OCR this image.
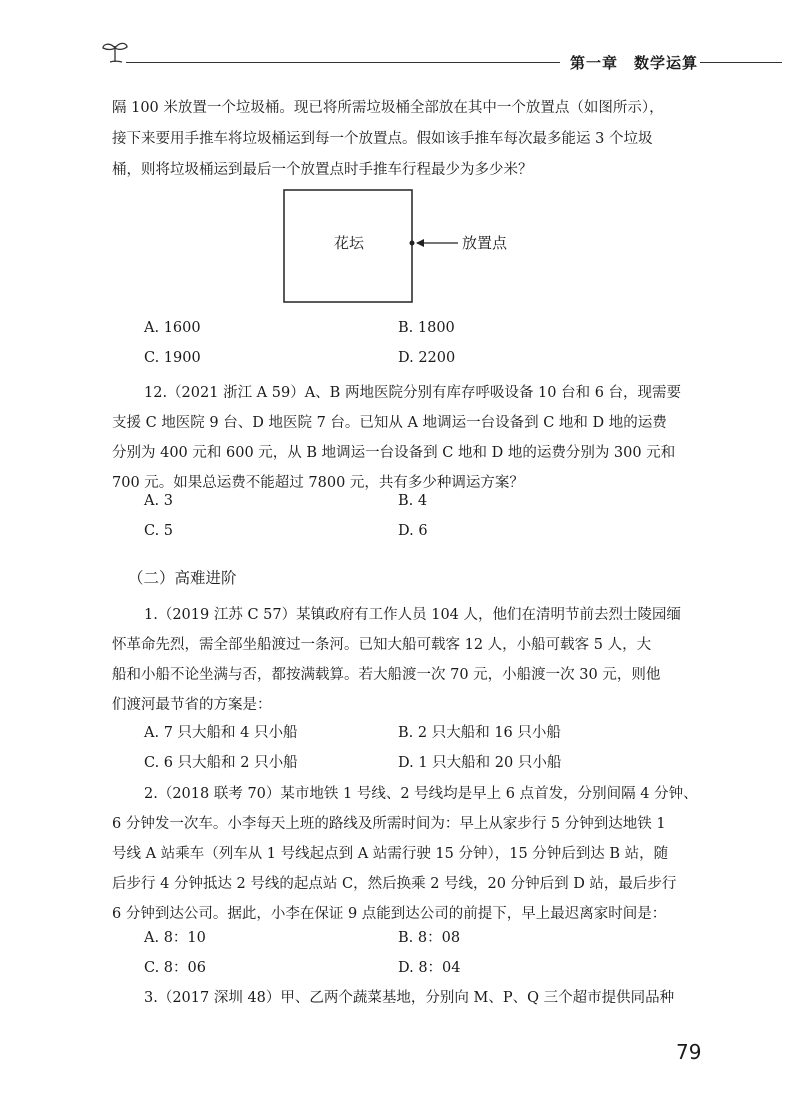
第一章　数学运算
隔 100 米放置一个垃圾桶。现已将所需垃圾桶全部放在其中一个放置点（如图所示），
接下来要用手推车将垃圾桶运到每一个放置点。假如该手推车每次最多能运 3 个垃圾
桶，则将垃圾桶运到最后一个放置点时手推车行程最少为多少米？
花坛	放置点
A. 1600	B. 1800
C. 1900	D. 2200
12.（2021 浙江 A 59）A、B 两地医院分别有库存呼吸设备 10 台和 6 台，现需要
支援 C 地医院 9 台、D 地医院 7 台。已知从 A 地调运一台设备到 C 地和 D 地的运费
分别为 400 元和 600 元，从 B 地调运一台设备到 C 地和 D 地的运费分别为 300 元和
700 元。如果总运费不能超过 7800 元，共有多少种调运方案？
A. 3	B. 4
C. 5	D. 6
（二）高难进阶
1.（2019 江苏 C 57）某镇政府有工作人员 104 人，他们在清明节前去烈士陵园缅
怀革命先烈，需全部坐船渡过一条河。已知大船可载客 12 人，小船可载客 5 人，大
船和小船不论坐满与否，都按满载算。若大船渡一次 70 元，小船渡一次 30 元，则他
们渡河最节省的方案是：
A. 7 只大船和 4 只小船	B. 2 只大船和 16 只小船
C. 6 只大船和 2 只小船	D. 1 只大船和 20 只小船
2.（2018 联考 70）某市地铁 1 号线、2 号线均是早上 6 点首发，分别间隔 4 分钟、
6 分钟发一次车。小李每天上班的路线及所需时间为：早上从家步行 5 分钟到达地铁 1
号线 A 站乘车（列车从 1 号线起点到 A 站需行驶 15 分钟），15 分钟后到达 B 站，随
后步行 4 分钟抵达 2 号线的起点站 C，然后换乘 2 号线，20 分钟后到 D 站，最后步行
6 分钟到达公司。据此，小李在保证 9 点能到达公司的前提下，早上最迟离家时间是：
A. 8：10	B. 8：08
C. 8：06	D. 8：04
3.（2017 深圳 48）甲、乙两个蔬菜基地，分别向 M、P、Q 三个超市提供同品种
79
